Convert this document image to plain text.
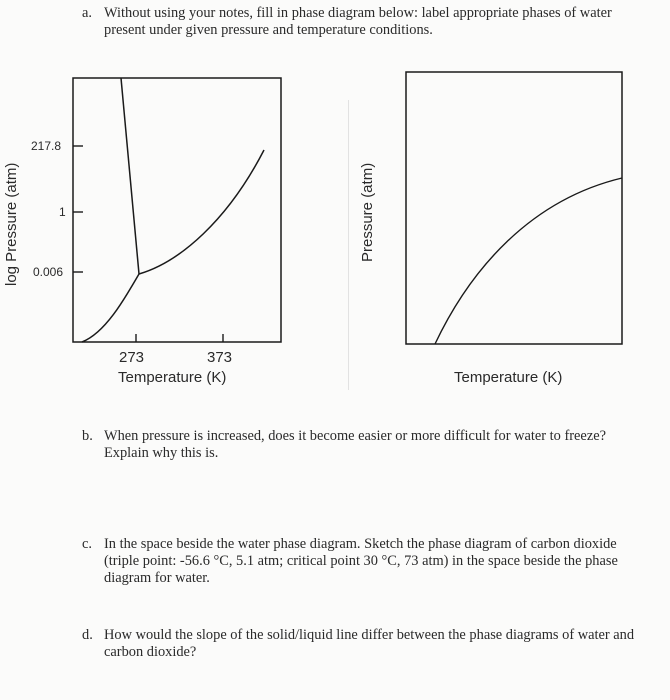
a. Without using your notes, fill in phase diagram below: label appropriate phases of water present under given pressure and temperature conditions.
log Pressure (atm)
217.8
1
0.006
273	373
Temperature (K)
Pressure (atm)
Temperature (K)
b. When pressure is increased, does it become easier or more difficult for water to freeze? Explain why this is.
c. In the space beside the water phase diagram. Sketch the phase diagram of carbon dioxide (triple point: -56.6 °C, 5.1 atm; critical point 30 °C, 73 atm) in the space beside the phase diagram for water.
d. How would the slope of the solid/liquid line differ between the phase diagrams of water and carbon dioxide?
